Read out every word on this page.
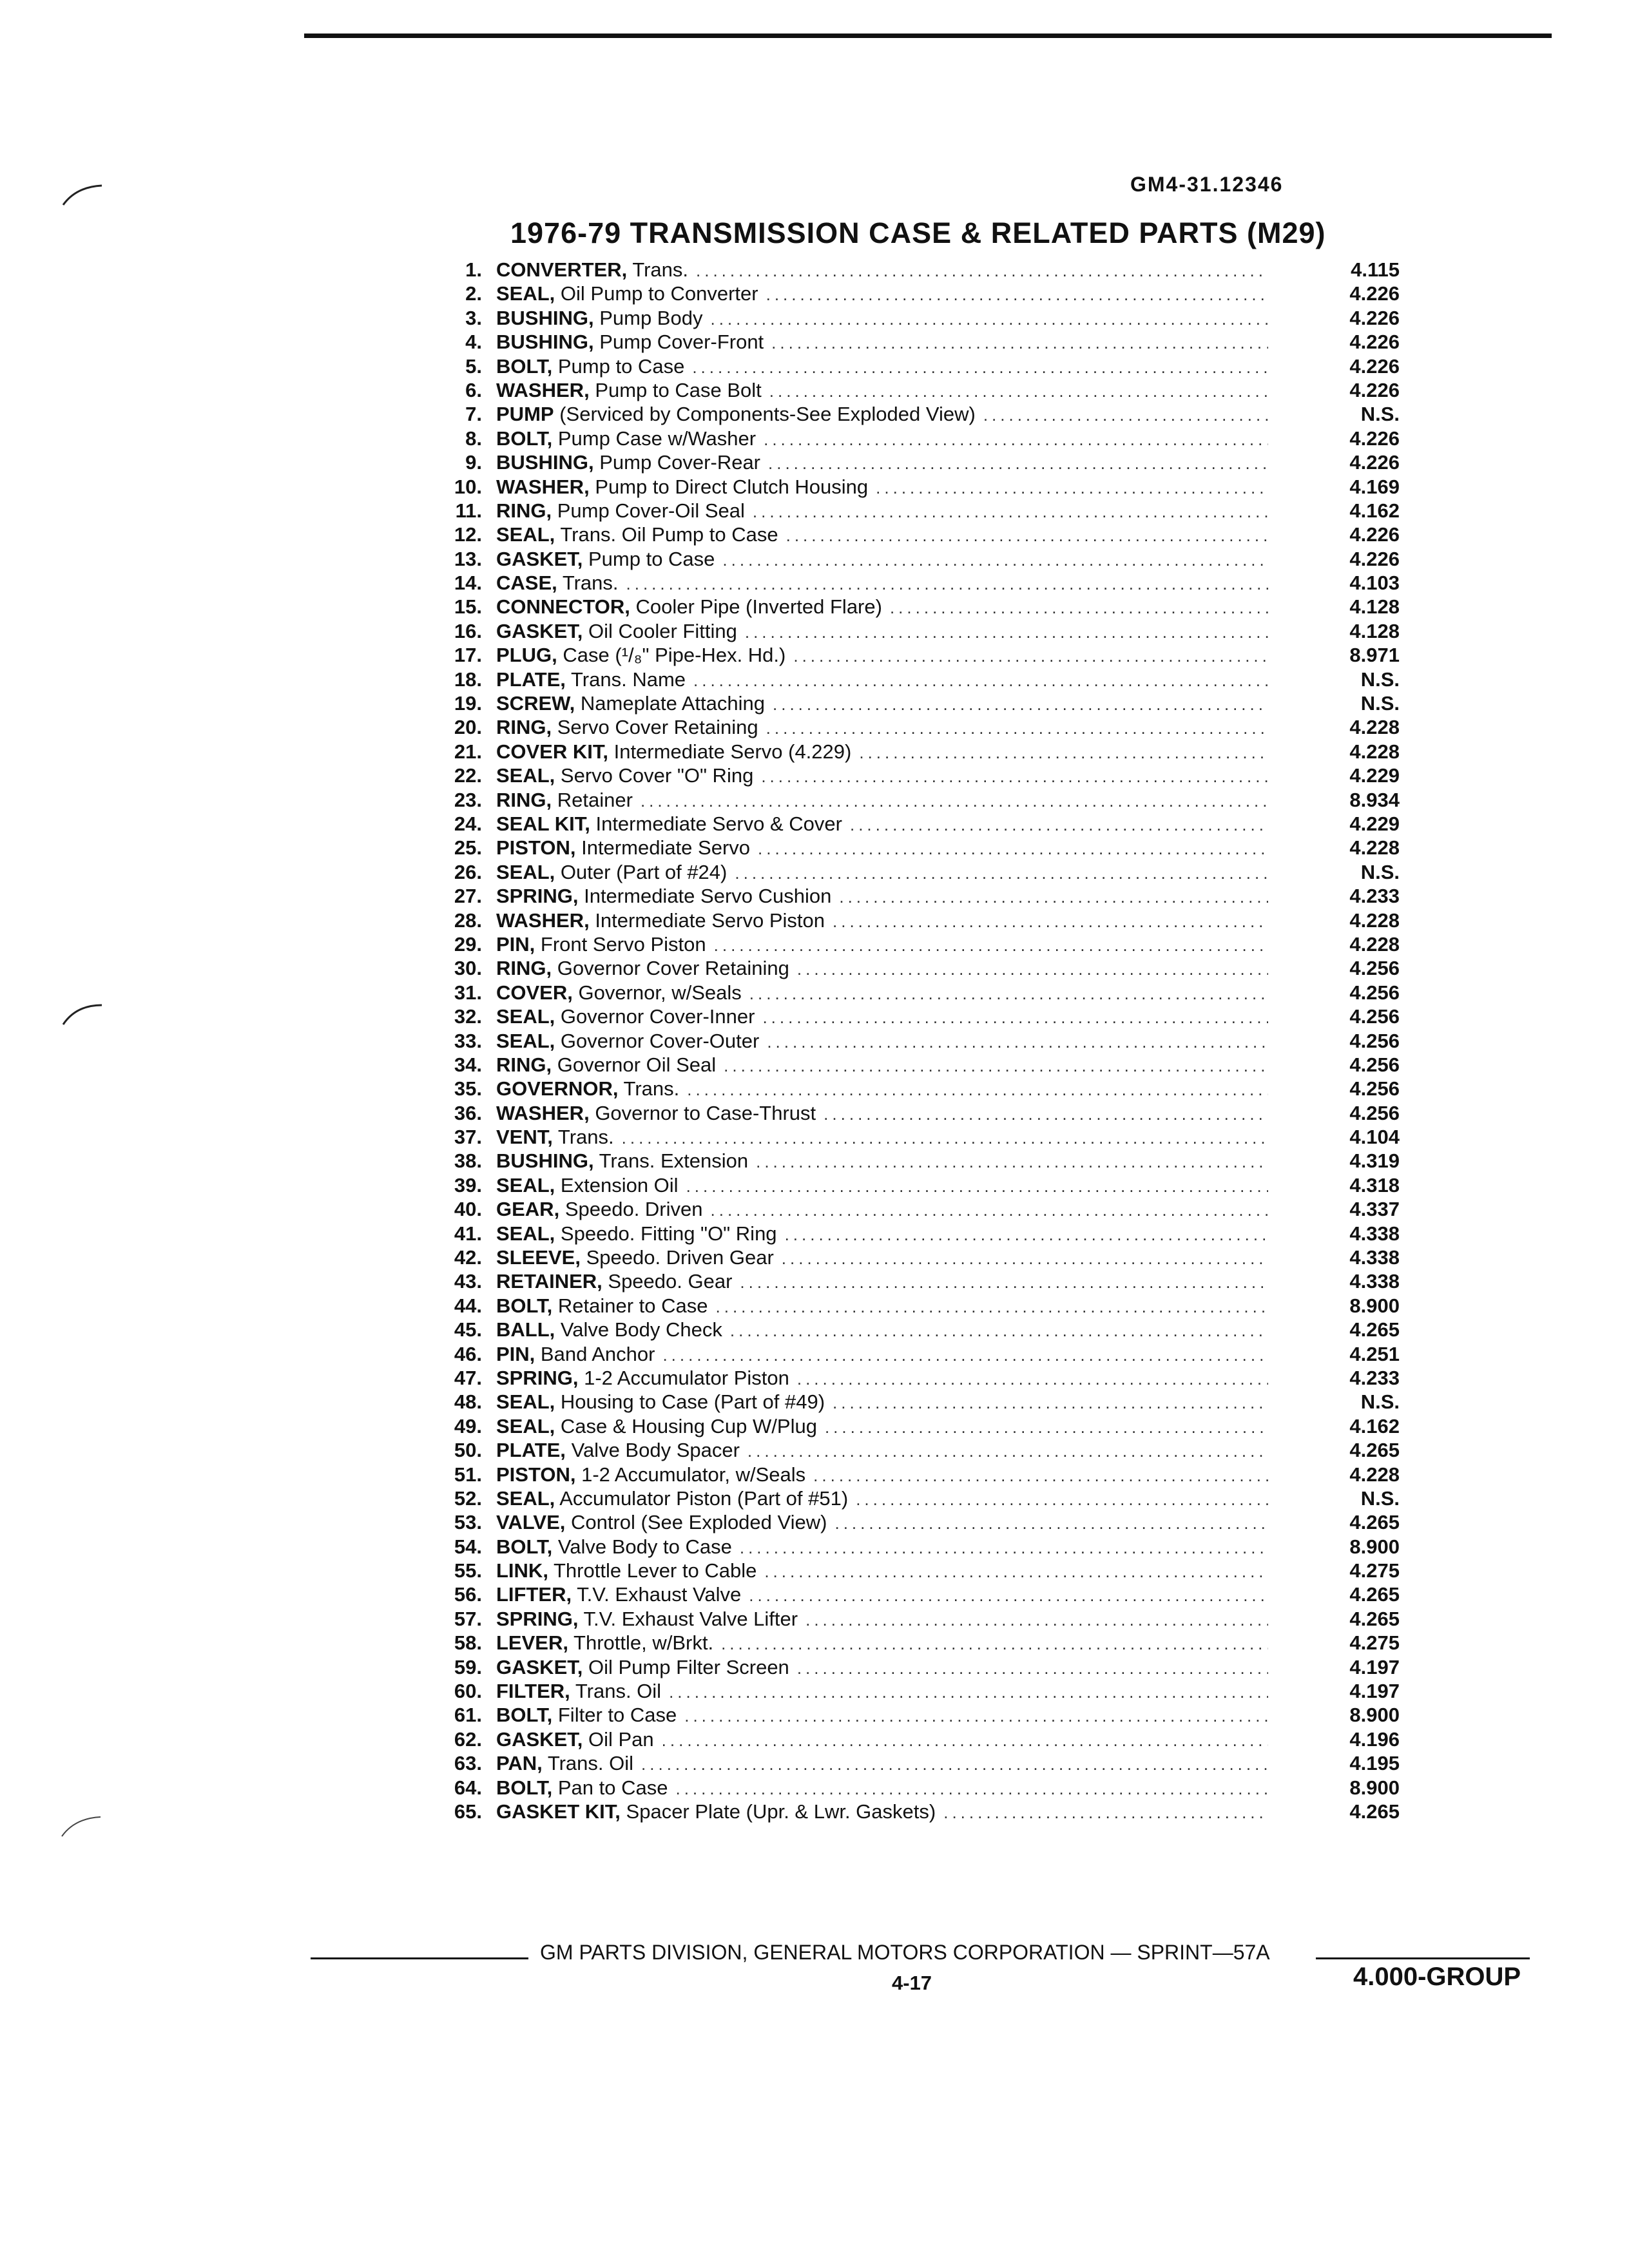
GM4-31.12346
1976-79 TRANSMISSION CASE & RELATED PARTS (M29)
1. CONVERTER, Trans. .....	4.115
2. SEAL, Oil Pump to Converter .....	4.226
3. BUSHING, Pump Body .....	4.226
4. BUSHING, Pump Cover-Front .....	4.226
5. BOLT, Pump to Case .....	4.226
6. WASHER, Pump to Case Bolt .....	4.226
7. PUMP (Serviced by Components-See Exploded View) .....	N.S.
8. BOLT, Pump Case w/Washer .....	4.226
9. BUSHING, Pump Cover-Rear .....	4.226
10. WASHER, Pump to Direct Clutch Housing .....	4.169
11. RING, Pump Cover-Oil Seal .....	4.162
12. SEAL, Trans. Oil Pump to Case .....	4.226
13. GASKET, Pump to Case .....	4.226
14. CASE, Trans. .....	4.103
15. CONNECTOR, Cooler Pipe (Inverted Flare) .....	4.128
16. GASKET, Oil Cooler Fitting .....	4.128
17. PLUG, Case (¹/₈" Pipe-Hex. Hd.) .....	8.971
18. PLATE, Trans. Name .....	N.S.
19. SCREW, Nameplate Attaching .....	N.S.
20. RING, Servo Cover Retaining .....	4.228
21. COVER KIT, Intermediate Servo (4.229) .....	4.228
22. SEAL, Servo Cover "O" Ring .....	4.229
23. RING, Retainer .....	8.934
24. SEAL KIT, Intermediate Servo & Cover .....	4.229
25. PISTON, Intermediate Servo .....	4.228
26. SEAL, Outer (Part of #24) .....	N.S.
27. SPRING, Intermediate Servo Cushion .....	4.233
28. WASHER, Intermediate Servo Piston .....	4.228
29. PIN, Front Servo Piston .....	4.228
30. RING, Governor Cover Retaining .....	4.256
31. COVER, Governor, w/Seals .....	4.256
32. SEAL, Governor Cover-Inner .....	4.256
33. SEAL, Governor Cover-Outer .....	4.256
34. RING, Governor Oil Seal .....	4.256
35. GOVERNOR, Trans. .....	4.256
36. WASHER, Governor to Case-Thrust .....	4.256
37. VENT, Trans. .....	4.104
38. BUSHING, Trans. Extension .....	4.319
39. SEAL, Extension Oil .....	4.318
40. GEAR, Speedo. Driven .....	4.337
41. SEAL, Speedo. Fitting "O" Ring .....	4.338
42. SLEEVE, Speedo. Driven Gear .....	4.338
43. RETAINER, Speedo. Gear .....	4.338
44. BOLT, Retainer to Case .....	8.900
45. BALL, Valve Body Check .....	4.265
46. PIN, Band Anchor .....	4.251
47. SPRING, 1-2 Accumulator Piston .....	4.233
48. SEAL, Housing to Case (Part of #49) .....	N.S.
49. SEAL, Case & Housing Cup W/Plug .....	4.162
50. PLATE, Valve Body Spacer .....	4.265
51. PISTON, 1-2 Accumulator, w/Seals .....	4.228
52. SEAL, Accumulator Piston (Part of #51) .....	N.S.
53. VALVE, Control (See Exploded View) .....	4.265
54. BOLT, Valve Body to Case .....	8.900
55. LINK, Throttle Lever to Cable .....	4.275
56. LIFTER, T.V. Exhaust Valve .....	4.265
57. SPRING, T.V. Exhaust Valve Lifter .....	4.265
58. LEVER, Throttle, w/Brkt. .....	4.275
59. GASKET, Oil Pump Filter Screen .....	4.197
60. FILTER, Trans. Oil .....	4.197
61. BOLT, Filter to Case .....	8.900
62. GASKET, Oil Pan .....	4.196
63. PAN, Trans. Oil .....	4.195
64. BOLT, Pan to Case .....	8.900
65. GASKET KIT, Spacer Plate (Upr. & Lwr. Gaskets) .....	4.265
GM PARTS DIVISION, GENERAL MOTORS CORPORATION — SPRINT—57A
4-17	4.000-GROUP
